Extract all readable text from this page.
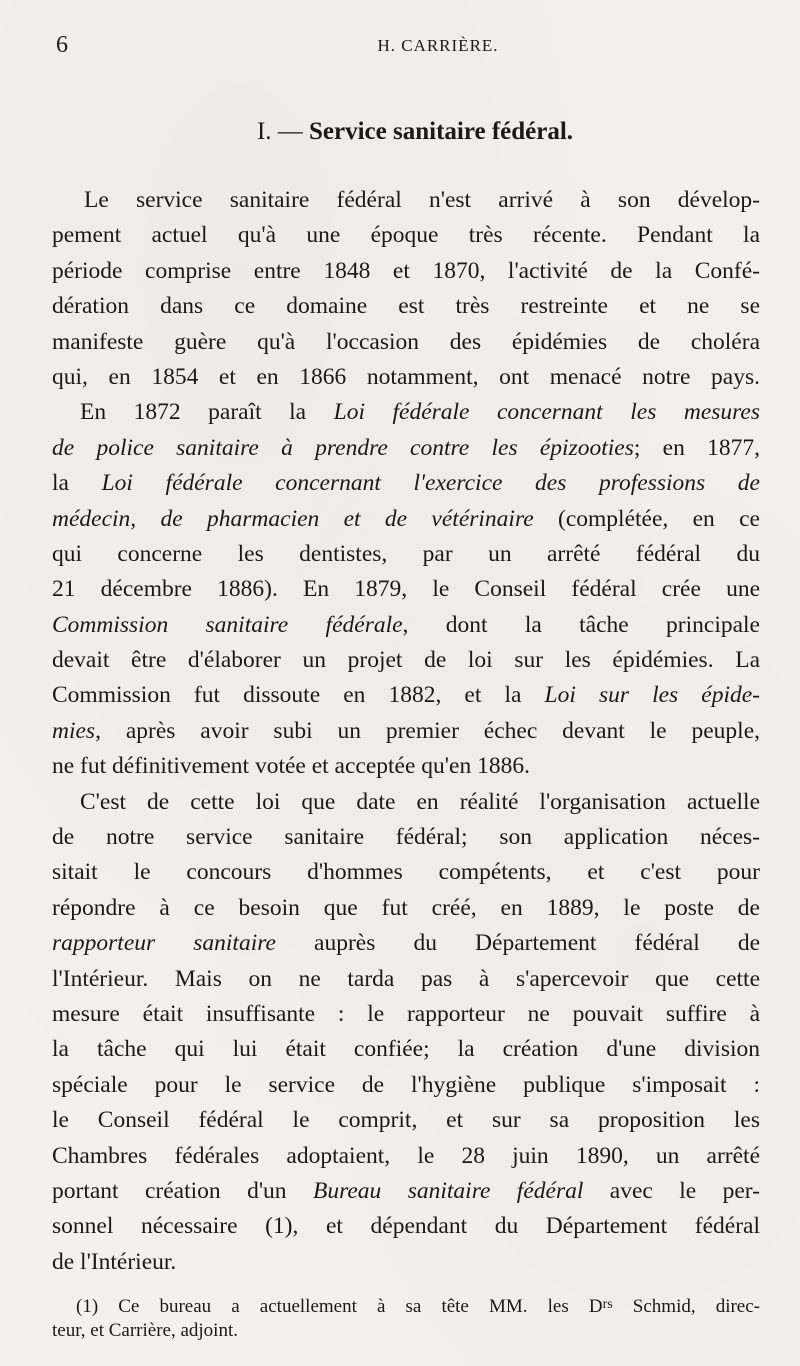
6	H. CARRIÈRE.
I. — Service sanitaire fédéral.
Le service sanitaire fédéral n'est arrivé à son dévelop-
pement actuel qu'à une époque très récente. Pendant la
période comprise entre 1848 et 1870, l'activité de la Confé-
dération dans ce domaine est très restreinte et ne se
manifeste guère qu'à l'occasion des épidémies de choléra
qui, en 1854 et en 1866 notamment, ont menacé notre pays.
En 1872 paraît la Loi fédérale concernant les mesures
de police sanitaire à prendre contre les épizooties; en 1877,
la Loi fédérale concernant l'exercice des professions de
médecin, de pharmacien et de vétérinaire (complétée, en ce
qui concerne les dentistes, par un arrêté fédéral du
21 décembre 1886). En 1879, le Conseil fédéral crée une
Commission sanitaire fédérale, dont la tâche principale
devait être d'élaborer un projet de loi sur les épidémies. La
Commission fut dissoute en 1882, et la Loi sur les épide-
mies, après avoir subi un premier échec devant le peuple,
ne fut définitivement votée et acceptée qu'en 1886.
C'est de cette loi que date en réalité l'organisation actuelle
de notre service sanitaire fédéral; son application néces-
sitait le concours d'hommes compétents, et c'est pour
répondre à ce besoin que fut créé, en 1889, le poste de
rapporteur sanitaire auprès du Département fédéral de
l'Intérieur. Mais on ne tarda pas à s'apercevoir que cette
mesure était insuffisante : le rapporteur ne pouvait suffire à
la tâche qui lui était confiée; la création d'une division
spéciale pour le service de l'hygiène publique s'imposait :
le Conseil fédéral le comprit, et sur sa proposition les
Chambres fédérales adoptaient, le 28 juin 1890, un arrêté
portant création d'un Bureau sanitaire fédéral avec le per-
sonnel nécessaire (1), et dépendant du Département fédéral
de l'Intérieur.
(1) Ce bureau a actuellement à sa tête MM. les $D^{rs}$ Schmid, direc-
teur, et Carrière, adjoint.
